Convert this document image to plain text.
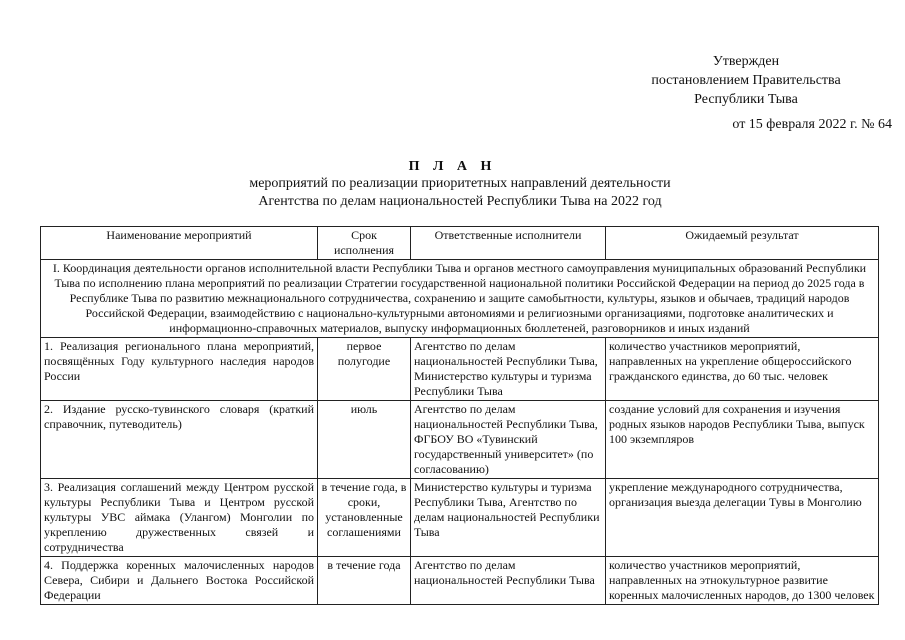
Утвержден
постановлением Правительства
Республики Тыва
от 15 февраля 2022 г. № 64
П Л А Н
мероприятий по реализации приоритетных направлений деятельности
Агентства по делам национальностей Республики Тыва на 2022 год
Наименование мероприятий	Срок исполнения	Ответственные исполнители	Ожидаемый результат
I. Координация деятельности органов исполнительной власти Республики Тыва и органов местного самоуправления муниципальных образований Республики Тыва по исполнению плана мероприятий по реализации Стратегии государственной национальной политики Российской Федерации на период до 2025 года в Республике Тыва по развитию межнационального сотрудничества, сохранению и защите самобытности, культуры, языков и обычаев, традиций народов Российской Федерации, взаимодействию с национально-культурными автономиями и религиозными организациями, подготовке аналитических и информационно-справочных материалов, выпуску информационных бюллетеней, разговорников и иных изданий			
1. Реализация регионального плана мероприятий, посвящённых Году культурного наследия народов России	первое полугодие	Агентство по делам национальностей Республики Тыва, Министерство культуры и туризма Республики Тыва	количество участников мероприятий, направленных на укрепление общероссийского гражданского единства, до 60 тыс. человек
2. Издание русско-тувинского словаря (краткий справочник, путеводитель)	июль	Агентство по делам национальностей Республики Тыва, ФГБОУ ВО «Тувинский государственный университет» (по согласованию)	создание условий для сохранения и изучения родных языков народов Республики Тыва, выпуск 100 экземпляров
3. Реализация соглашений между Центром русской культуры Республики Тыва и Центром русской культуры УВС аймака (Улангом) Монголии по укреплению дружественных связей и сотрудничества	в течение года, в сроки, установленные соглашениями	Министерство культуры и туризма Республики Тыва, Агентство по делам национальностей Республики Тыва	укрепление международного сотрудничества, организация выезда делегации Тувы в Монголию
4. Поддержка коренных малочисленных народов Севера, Сибири и Дальнего Востока Российской Федерации	в течение года	Агентство по делам национальностей Республики Тыва	количество участников мероприятий, направленных на этнокультурное развитие коренных малочисленных народов, до 1300 человек
